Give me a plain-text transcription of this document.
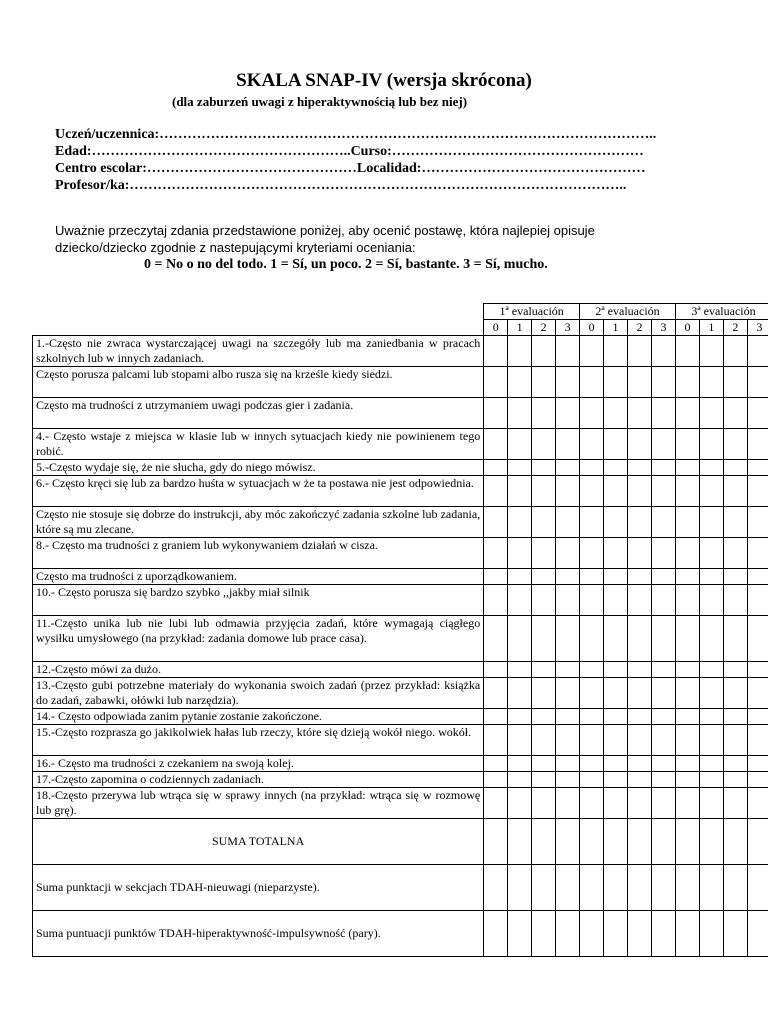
SKALA SNAP-IV (wersja skrócona)

(dla zaburzeń uwagi z hiperaktywnością lub bez niej)

Uczeń/uczennica:……………………………………………………………………………………………..
Edad:………………………………………………..Curso:………………………………………………
Centro escolar:………………………………………Localidad:…………………………………………
Profesor/ka:……………………………………………………………………………………………..
Uważnie przeczytaj zdania przedstawione poniżej, aby ocenić postawę, która najlepiej opisuje
dziecko/dziecko zgodnie z nastepującymi kryteriami oceniania:

0 = No o no del todo. 1 = Sí, un poco. 2 = Sí, bastante. 3 = Sí, mucho.

	1ª evaluación				2ª evaluación				3ª evaluación			
	0	1	2	3	0	1	2	3	0	1	2	3
1.-Często nie zwraca wystarczającej uwagi na szczegóły lub ma zaniedbania w pracach szkolnych lub w innych zadaniach.												
Często porusza palcami lub stopami albo rusza się na krześle kiedy siedzi.												
Często ma trudności z utrzymaniem uwagi podczas gier i zadania.												
4.- Często wstaje z miejsca w klasie lub w innych sytuacjach kiedy nie powinienem tego robić.												
5.-Często wydaje się, że nie słucha, gdy do niego mówisz.												
6.- Często kręci się lub za bardzo huśta w sytuacjach w że ta postawa nie jest odpowiednia.												
Często nie stosuje się dobrze do instrukcji, aby móc zakończyć zadania szkolne lub zadania, które są mu zlecane.												
8.- Często ma trudności z graniem lub wykonywaniem działań w cisza.												
Często ma trudności z uporządkowaniem.												
10.- Często porusza się bardzo szybko ,,jakby miał silnik												
11.-Często unika lub nie lubi lub odmawia przyjęcia zadań, które wymagają ciągłego wysiłku umysłowego (na przykład: zadania domowe lub prace casa).												
12.-Często mówi za dużo.												
13.-Często gubi potrzebne materiały do wykonania swoich zadań (przez przykład: książka do zadań, zabawki, ołówki lub narzędzia).												
14.- Często odpowiada zanim pytanie zostanie zakończone.												
15.-Często rozprasza go jakikolwiek hałas lub rzeczy, które się dzieją wokół niego. wokół.												
16.- Często ma trudności z czekaniem na swoją kolej.												
17.-Często zapomina o codziennych zadaniach.												
18.-Często przerywa lub wtrąca się w sprawy innych (na przykład: wtrąca się w rozmowę lub grę).												
SUMA TOTALNA												
Suma punktacji w sekcjach TDAH-nieuwagi (nieparzyste).												
Suma puntuacji punktów TDAH-hiperaktywność-impulsywność (pary).												
